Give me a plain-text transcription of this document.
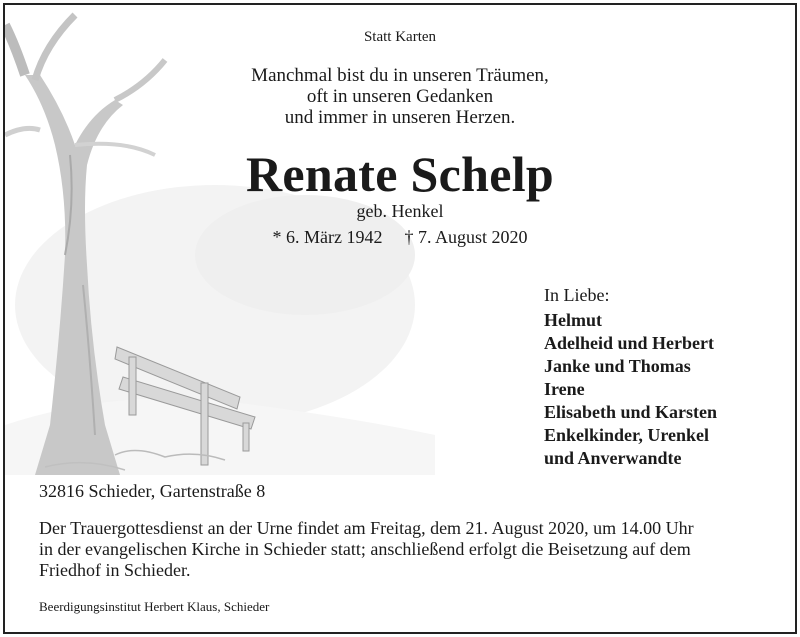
Statt Karten
Manchmal bist du in unseren Träumen,
oft in unseren Gedanken
und immer in unseren Herzen.
Renate Schelp
geb. Henkel
* 6. März 1942 † 7. August 2020
In Liebe:
Helmut
Adelheid und Herbert
Janke und Thomas
Irene
Elisabeth und Karsten
Enkelkinder, Urenkel
und Anverwandte
32816 Schieder, Gartenstraße 8
Der Trauergottesdienst an der Urne findet am Freitag, dem 21. August 2020, um 14.00 Uhr
in der evangelischen Kirche in Schieder statt; anschließend erfolgt die Beisetzung auf dem
Friedhof in Schieder.
Beerdigungsinstitut Herbert Klaus, Schieder
